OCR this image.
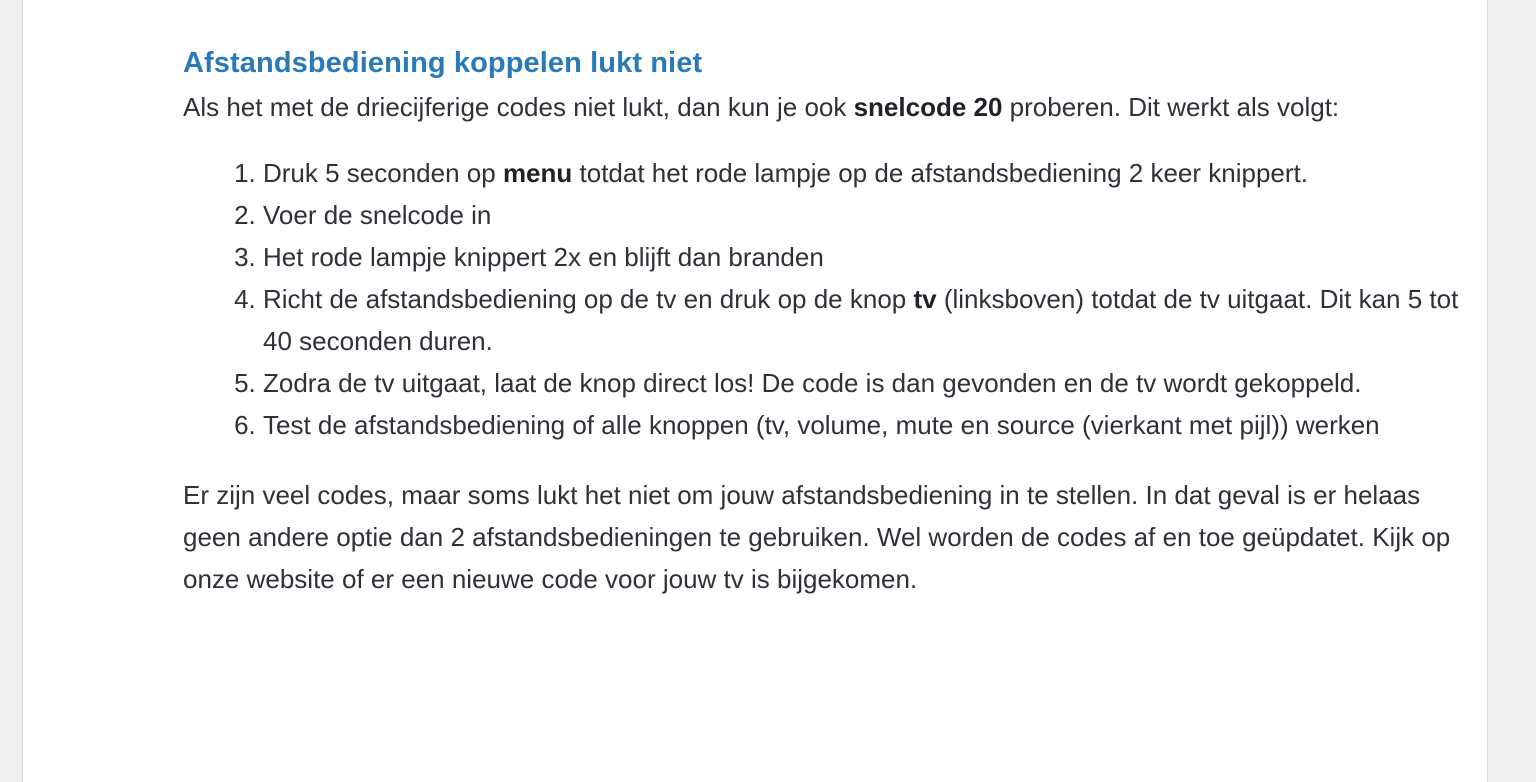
Afstandsbediening koppelen lukt niet

Als het met de driecijferige codes niet lukt, dan kun je ook snelcode 20 proberen. Dit werkt als volgt:

1. Druk 5 seconden op menu totdat het rode lampje op de afstandsbediening 2 keer knippert.
2. Voer de snelcode in
3. Het rode lampje knippert 2x en blijft dan branden
4. Richt de afstandsbediening op de tv en druk op de knop tv (linksboven) totdat de tv uitgaat. Dit kan 5 tot 40 seconden duren.
5. Zodra de tv uitgaat, laat de knop direct los! De code is dan gevonden en de tv wordt gekoppeld.
6. Test de afstandsbediening of alle knoppen (tv, volume, mute en source (vierkant met pijl)) werken

Er zijn veel codes, maar soms lukt het niet om jouw afstandsbediening in te stellen. In dat geval is er helaas geen andere optie dan 2 afstandsbedieningen te gebruiken. Wel worden de codes af en toe geüpdatet. Kijk op onze website of er een nieuwe code voor jouw tv is bijgekomen.
